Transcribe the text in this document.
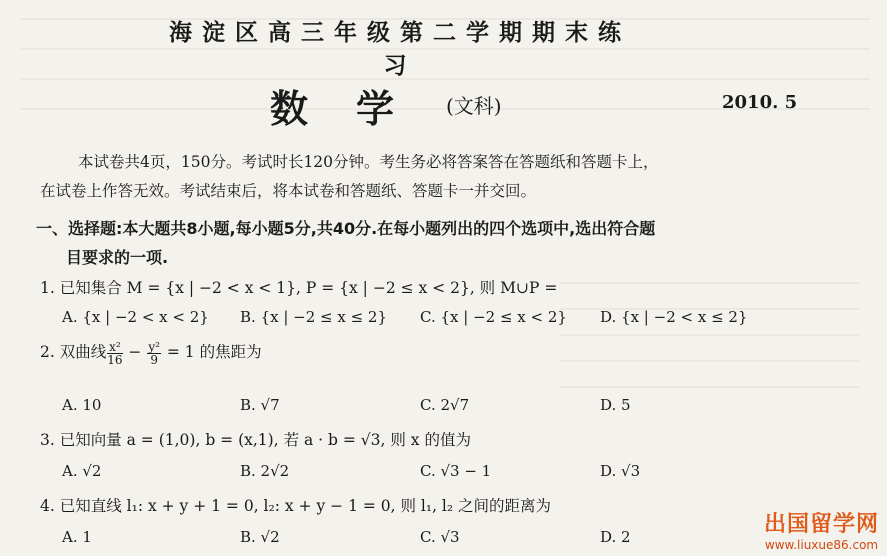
海淀区高三年级第二学期期末练习
数学 (文科)	2010. 5
本试卷共4页，150分。考试时长120分钟。考生务必将答案答在答题纸和答题卡上，
在试卷上作答无效。考试结束后，将本试卷和答题纸、答题卡一并交回。
一、选择题:本大题共8小题,每小题5分,共40分.在每小题列出的四个选项中,选出符合题
目要求的一项.
1. 已知集合 M = {x | −2 < x < 1}, P = {x | −2 ≤ x < 2}, 则 M∪P =
A. {x | −2 < x < 2} B. {x | −2 ≤ x ≤ 2} C. {x | −2 ≤ x < 2} D. {x | −2 < x ≤ 2}
2. 双曲线 $\frac{\text{x²}}{16} - \frac{\text{y²}}{9} = 1$ 的焦距为
A. 10	B. √7	C. 2√7	D. 5
3. 已知向量 a = (1,0), b = (x,1), 若 a · b = √3, 则 x 的值为
A. √2	B. 2√2	C. √3 − 1	D. √3
4. 已知直线 l₁: x + y + 1 = 0, l₂: x + y − 1 = 0, 则 l₁, l₂ 之间的距离为
A. 1	B. √2	C. √3	D. 2	出国留学网
www.liuxue86.com
